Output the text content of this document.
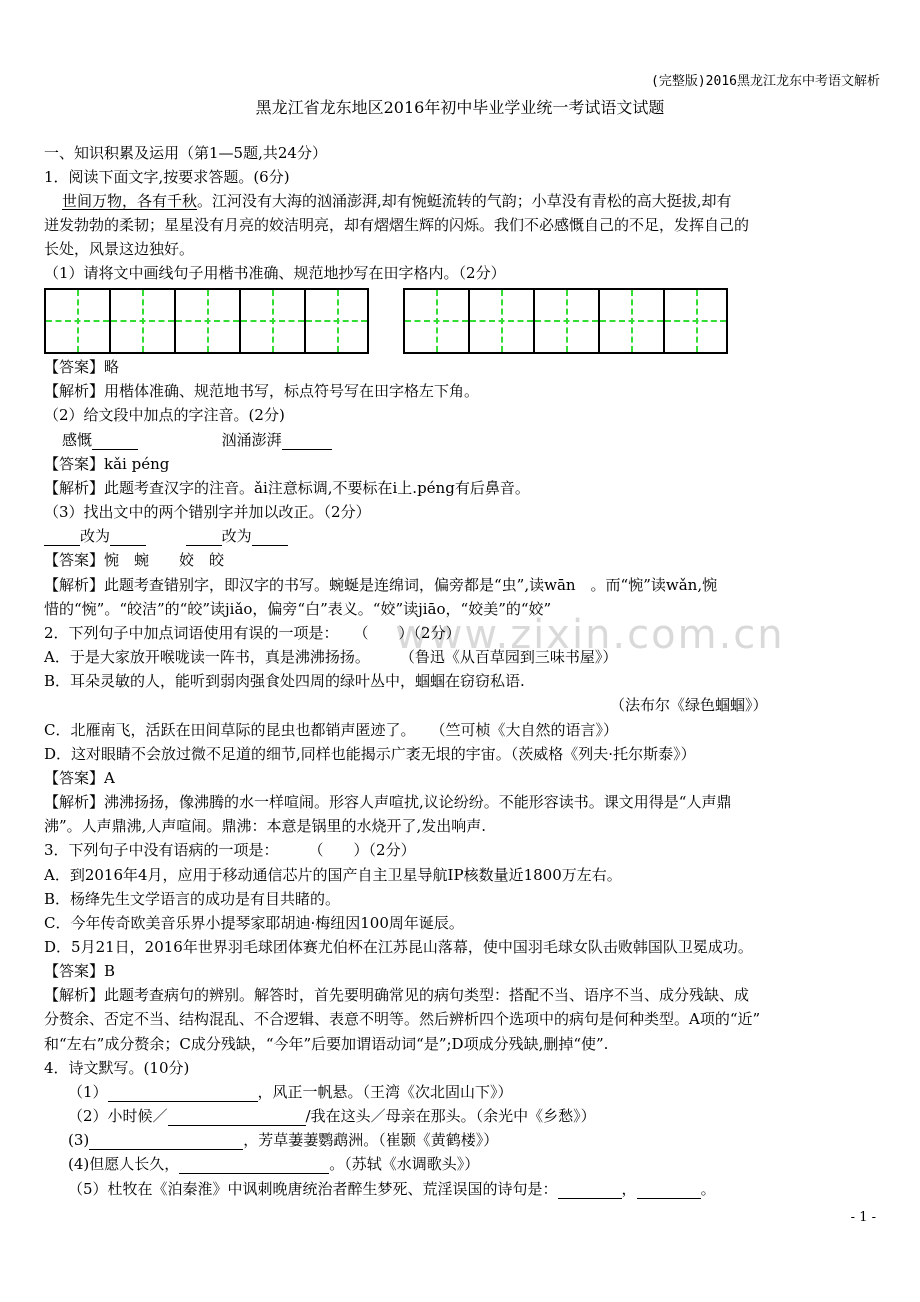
(完整版)2016黑龙江龙东中考语文解析
黑龙江省龙东地区2016年初中毕业学业统一考试语文试题
一、知识积累及运用（第1—5题,共24分）
1．阅读下面文字,按要求答题。(6分)
世间万物，各有千秋。江河没有大海的汹涌澎湃,却有惋蜓流转的气韵；小草没有青松的高大挺拔,却有
迸发勃勃的柔韧；星星没有月亮的姣洁明亮，却有熠熠生辉的闪烁。我们不必感慨自己的不足，发挥自己的
长处，风景这边独好。
（1）请将文中画线句子用楷书准确、规范地抄写在田字格内。（2分）
【答案】略
【解析】用楷体准确、规范地书写，标点符号写在田字格左下角。
（2）给文段中加点的字注音。(2分)
感慨	汹涌澎湃
【答案】kǎi péng
【解析】此题考查汉字的注音。ǎi注意标调,不要标在i上.péng有后鼻音。
（3）找出文中的两个错别字并加以改正。（2分）
改为	改为
【答案】惋　蜿　　姣　皎
【解析】此题考查错别字，即汉字的书写。蜿蜒是连绵词，偏旁都是“虫”,读wān　。而“惋”读wǎn,惋
惜的“惋”。“皎洁”的“皎”读jiǎo，偏旁“白”表义。“姣”读jiāo，“姣美”的“姣”
www.zixin.com.cn
2．下列句子中加点词语使用有误的一项是：　　（　　）（2分）
A．于是大家放开喉咙读一阵书，真是沸沸扬扬。　　　（鲁迅《从百草园到三味书屋》）
B．耳朵灵敏的人，能听到弱肉强食处四周的绿叶丛中，蝈蝈在窃窃私语.
（法布尔《绿色蝈蝈》）
C．北雁南飞，活跃在田间草际的昆虫也都销声匿迹了。　　（竺可桢《大自然的语言》）
D．这对眼睛不会放过微不足道的细节,同样也能揭示广袤无垠的宇宙。（茨威格《列夫·托尔斯泰》）
【答案】A
【解析】沸沸扬扬，像沸腾的水一样喧闹。形容人声喧扰,议论纷纷。不能形容读书。课文用得是“人声鼎
沸”。人声鼎沸,人声喧闹。鼎沸：本意是锅里的水烧开了,发出响声.
3．下列句子中没有语病的一项是：　　　（　　）（2分）
A．到2016年4月，应用于移动通信芯片的国产自主卫星导航IP核数量近1800万左右。
B．杨绛先生文学语言的成功是有目共睹的。
C．今年传奇欧美音乐界小提琴家耶胡迪·梅纽因100周年诞辰。
D．5月21日，2016年世界羽毛球团体赛尤伯杯在江苏昆山落幕，使中国羽毛球女队击败韩国队卫冕成功。
【答案】B
【解析】此题考查病句的辨别。解答时，首先要明确常见的病句类型：搭配不当、语序不当、成分残缺、成
分赘余、否定不当、结构混乱、不合逻辑、表意不明等。然后辨析四个选项中的病句是何种类型。A项的“近”
和“左右”成分赘余；C成分残缺，“今年”后要加谓语动词“是”;D项成分残缺,删掉“使”.
4．诗文默写。(10分)
（1）	，风正一帆悬。（王湾《次北固山下》）
（2）小时候／	/我在这头／母亲在那头。（余光中《乡愁》）
(3)	，芳草萋萋鹦鹉洲。（崔颢《黄鹤楼》）
(4)但愿人长久，	。（苏轼《水调歌头》）
（5）杜牧在《泊秦淮》中讽刺晚唐统治者醉生梦死、荒淫误国的诗句是：	，	。
- 1 -
